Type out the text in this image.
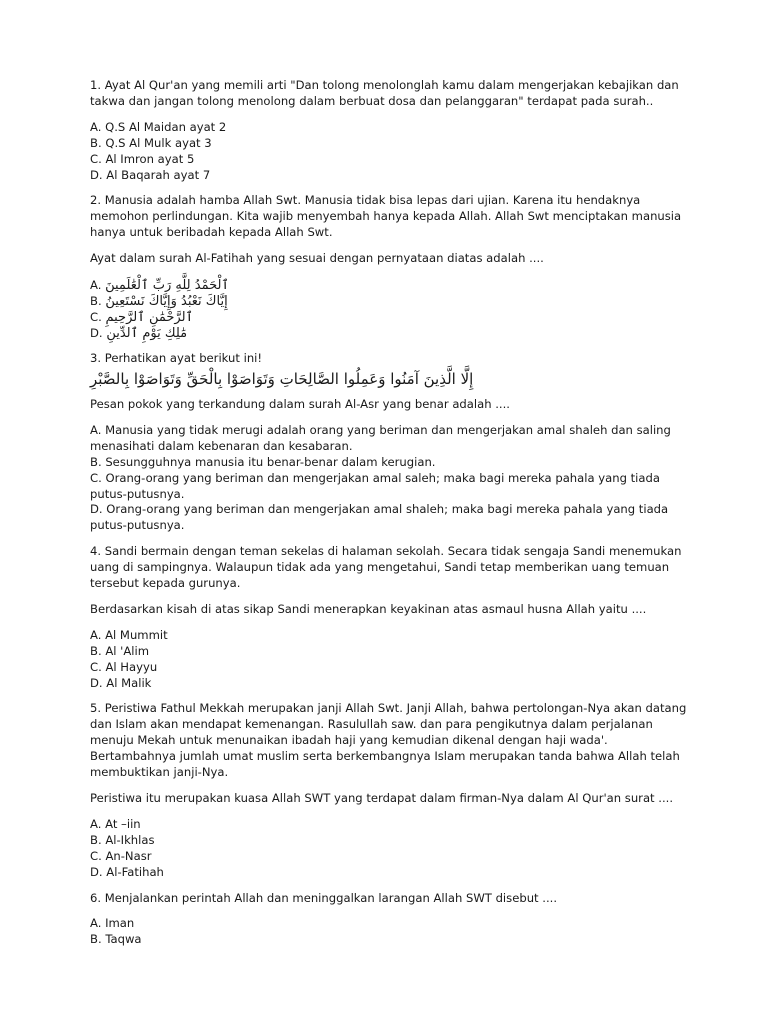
1. Ayat Al Qur'an yang memili arti "Dan tolong menolonglah kamu dalam mengerjakan kebajikan dan takwa dan jangan tolong menolong dalam berbuat dosa dan pelanggaran" terdapat pada surah..

A. Q.S Al Maidan ayat 2

B. Q.S Al Mulk ayat 3

C. Al Imron ayat 5

D. Al Baqarah ayat 7

2. Manusia adalah hamba Allah Swt. Manusia tidak bisa lepas dari ujian. Karena itu hendaknya memohon perlindungan. Kita wajib menyembah hanya kepada Allah. Allah Swt menciptakan manusia hanya untuk beribadah kepada Allah Swt.

Ayat dalam surah Al-Fatihah yang sesuai dengan pernyataan diatas adalah ....

A. ٱلْحَمْدُ لِلَّهِ رَبِّ ٱلْعَٰلَمِينَ

B. إِيَّاكَ نَعْبُدُ وَإِيَّاكَ نَسْتَعِينُ

C. ٱلرَّحْمَٰنِ ٱلرَّحِيمِ

D. مَٰلِكِ يَوْمِ ٱلدِّينِ

3. Perhatikan ayat berikut ini!

إِلَّا الَّذِينَ آمَنُوا وَعَمِلُوا الصَّالِحَاتِ وَتَوَاصَوْا بِالْحَقِّ وَتَوَاصَوْا بِالصَّبْرِ

Pesan pokok yang terkandung dalam surah Al-Asr yang benar adalah ....

A. Manusia yang tidak merugi adalah orang yang beriman dan mengerjakan amal shaleh dan saling menasihati dalam kebenaran dan kesabaran.

B. Sesungguhnya manusia itu benar-benar dalam kerugian.

C. Orang-orang yang beriman dan mengerjakan amal saleh; maka bagi mereka pahala yang tiada putus-putusnya.

D. Orang-orang yang beriman dan mengerjakan amal shaleh; maka bagi mereka pahala yang tiada putus-putusnya.

4. Sandi bermain dengan teman sekelas di halaman sekolah. Secara tidak sengaja Sandi menemukan uang di sampingnya. Walaupun tidak ada yang mengetahui, Sandi tetap memberikan uang temuan tersebut kepada gurunya.

Berdasarkan kisah di atas sikap Sandi menerapkan keyakinan atas asmaul husna Allah yaitu ....

A. Al Mummit

B. Al 'Alim

C. Al Hayyu

D. Al Malik

5. Peristiwa Fathul Mekkah merupakan janji Allah Swt. Janji Allah, bahwa pertolongan-Nya akan datang dan Islam akan mendapat kemenangan. Rasulullah saw. dan para pengikutnya dalam perjalanan menuju Mekah untuk menunaikan ibadah haji yang kemudian dikenal dengan haji wada'. Bertambahnya jumlah umat muslim serta berkembangnya Islam merupakan tanda bahwa Allah telah membuktikan janji-Nya.

Peristiwa itu merupakan kuasa Allah SWT yang terdapat dalam firman-Nya dalam Al Qur'an surat ....

A. At –iin

B. Al-Ikhlas

C. An-Nasr

D. Al-Fatihah

6. Menjalankan perintah Allah dan meninggalkan larangan Allah SWT disebut ....

A. Iman

B. Taqwa
